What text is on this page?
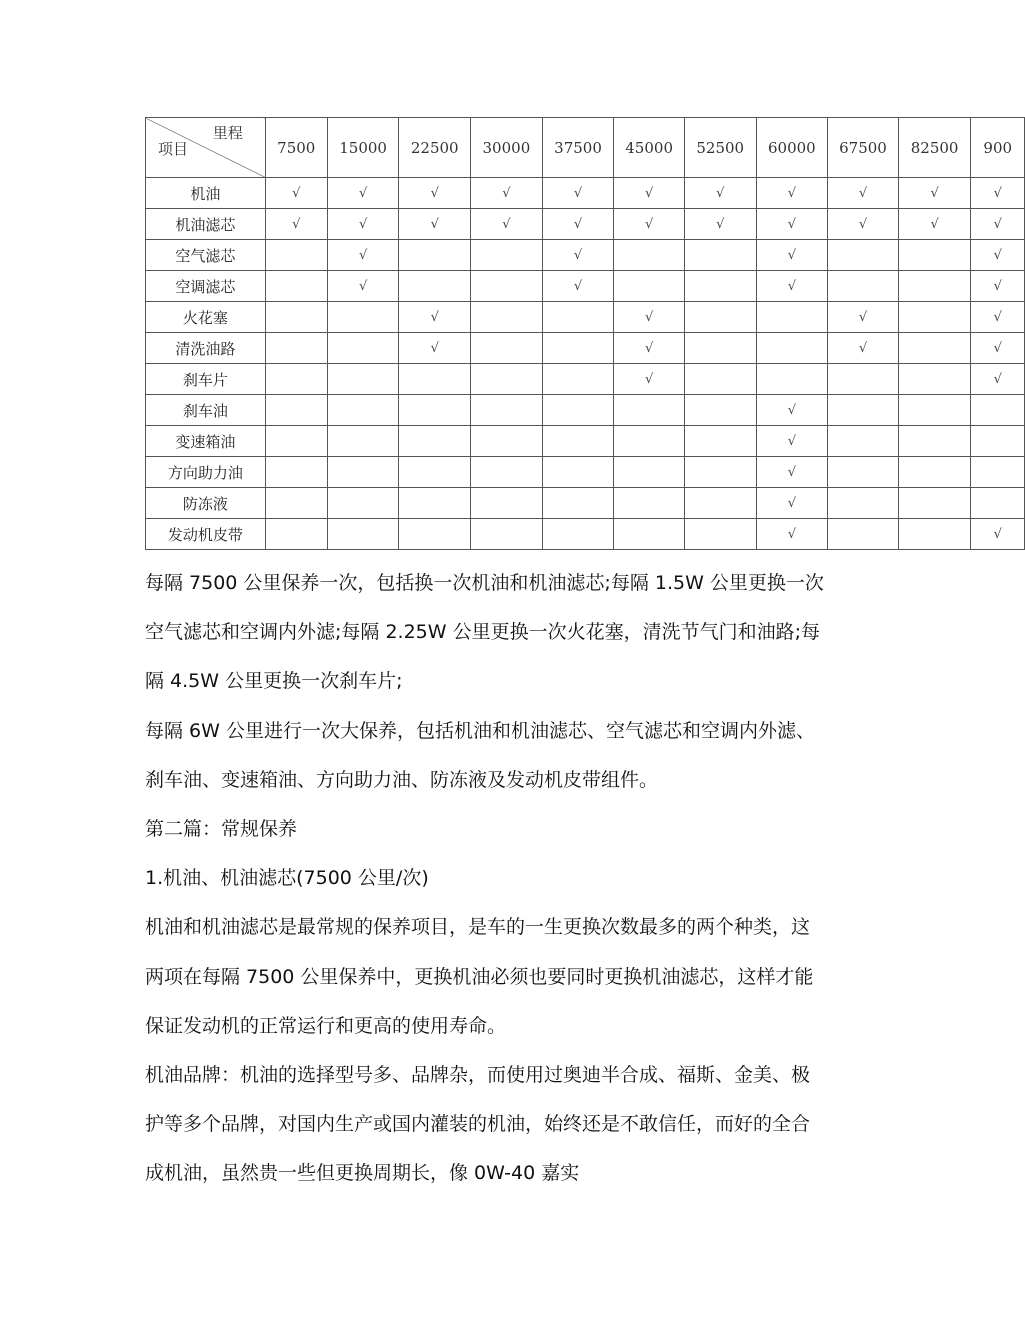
里程
项目	7500	15000	22500	30000	37500	45000	52500	60000	67500	82500	900
机油	√	√	√	√	√	√	√	√	√	√	√
机油滤芯	√	√	√	√	√	√	√	√	√	√	√
空气滤芯		√			√			√			√
空调滤芯		√			√			√			√
火花塞			√			√			√		√
清洗油路			√			√			√		√
刹车片						√					√
刹车油								√			
变速箱油								√			
方向助力油								√			
防冻液								√			
发动机皮带								√			√

每隔 7500 公里保养一次，包括换一次机油和机油滤芯;每隔 1.5W 公里更换一次空气滤芯和空调内外滤;每隔 2.25W 公里更换一次火花塞，清洗节气门和油路;每隔 4.5W 公里更换一次刹车片;

每隔 6W 公里进行一次大保养，包括机油和机油滤芯、空气滤芯和空调内外滤、刹车油、变速箱油、方向助力油、防冻液及发动机皮带组件。

第二篇：常规保养

1.机油、机油滤芯(7500 公里/次)

机油和机油滤芯是最常规的保养项目，是车的一生更换次数最多的两个种类，这两项在每隔 7500 公里保养中，更换机油必须也要同时更换机油滤芯，这样才能保证发动机的正常运行和更高的使用寿命。

机油品牌：机油的选择型号多、品牌杂，而使用过奥迪半合成、福斯、金美、极护等多个品牌，对国内生产或国内灌装的机油，始终还是不敢信任，而好的全合成机油，虽然贵一些但更换周期长，像 0W-40 嘉实
